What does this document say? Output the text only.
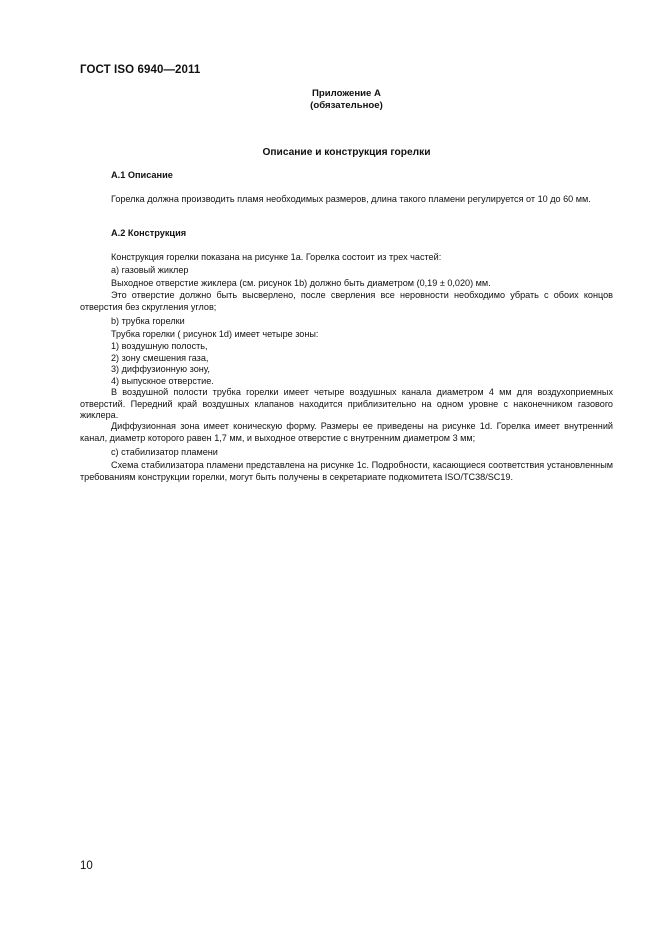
ГОСТ ISO 6940—2011
Приложение А
(обязательное)
Описание и конструкция горелки
А.1 Описание
Горелка должна производить пламя необходимых размеров, длина такого пламени регулируется от 10 до 60 мм.
А.2 Конструкция
Конструкция горелки показана на рисунке 1а. Горелка состоит из трех частей:
а) газовый жиклер
Выходное отверстие жиклера (см. рисунок 1b) должно быть диаметром (0,19 ± 0,020) мм.
Это отверстие должно быть высверлено, после сверления все неровности необходимо убрать с обоих концов отверстия без скругления углов;
b) трубка горелки
Трубка горелки ( рисунок 1d) имеет четыре зоны:
1) воздушную полость,
2) зону смешения газа,
3) диффузионную зону,
4) выпускное отверстие.
В воздушной полости трубка горелки имеет четыре воздушных канала диаметром 4 мм для воздухоприемных отверстий. Передний край воздушных клапанов находится приблизительно на одном уровне с наконечником газового жиклера.
Диффузионная зона имеет коническую форму. Размеры ее приведены на рисунке 1d. Горелка имеет внутренний канал, диаметр которого равен 1,7 мм, и выходное отверстие с внутренним диаметром 3 мм;
с) стабилизатор пламени
Схема стабилизатора пламени представлена на рисунке 1с. Подробности, касающиеся соответствия установленным требованиям конструкции горелки, могут быть получены в секретариате подкомитета ISO/TC38/SC19.
10
